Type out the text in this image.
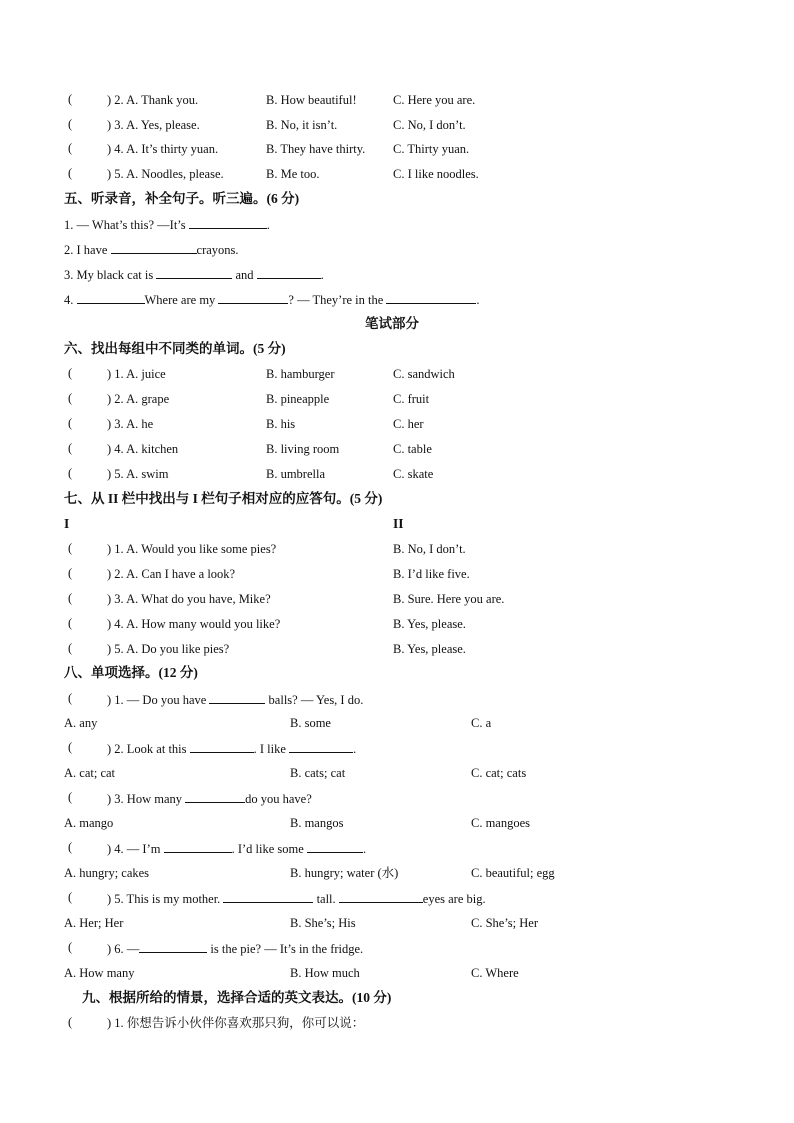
(	) 2. A. Thank you.	B. How beautiful!	C. Here you are.
(	) 3. A. Yes, please.	B. No, it isn’t.	C. No, I don’t.
(	) 4. A. It’s thirty yuan.	B. They have thirty. C. Thirty yuan.
(	) 5. A. Noodles, please.	B. Me too.	C. I like noodles.
五、听录音，补全句子。听三遍。(6 分)
1. — What’s this? —It’s	.
2. I have	crayons.
3. My black cat is	and	.
4.	Where are my	? — They’re in the	.
笔试部分
六、找出每组中不同类的单词。(5 分)
(	) 1. A. juice	B. hamburger	C. sandwich
(	) 2. A. grape	B. pineapple	C. fruit
(	) 3. A. he	B. his	C. her
(	) 4. A. kitchen	B. living room	C. table
(	) 5. A. swim	B. umbrella	C. skate
七、从 II 栏中找出与 I 栏句子相对应的应答句。(5 分)
I	II
(	) 1. A. Would you like some pies?	B. No, I don’t.
(	) 2. A. Can I have a look?	B. I’d like five.
(	) 3. A. What do you have, Mike?	B. Sure. Here you are.
(	) 4. A. How many would you like?	B. Yes, please.
(	) 5. A. Do you like pies?	B. Yes, please.
八、单项选择。(12 分)
(	) 1. — Do you have	balls? — Yes, I do.
A. any	B. some	C. a
(	) 2. Look at this	. I like	.
A. cat; cat	B. cats; cat	C. cat; cats
(	) 3. How many	do you have?
A. mango	B. mangos	C. mangoes
(	) 4. — I’m	. I’d like some	.
A. hungry; cakes	B. hungry; water (水)	C. beautiful; egg
(	) 5. This is my mother.	tall.	eyes are big.
A. Her; Her	B. She’s; His	C. She’s; Her
(	) 6. —	is the pie? — It’s in the fridge.
A. How many	B. How much	C. Where
九、根据所给的情景，选择合适的英文表达。(10 分)
(	) 1. 你想告诉小伙伴你喜欢那只狗，你可以说：
